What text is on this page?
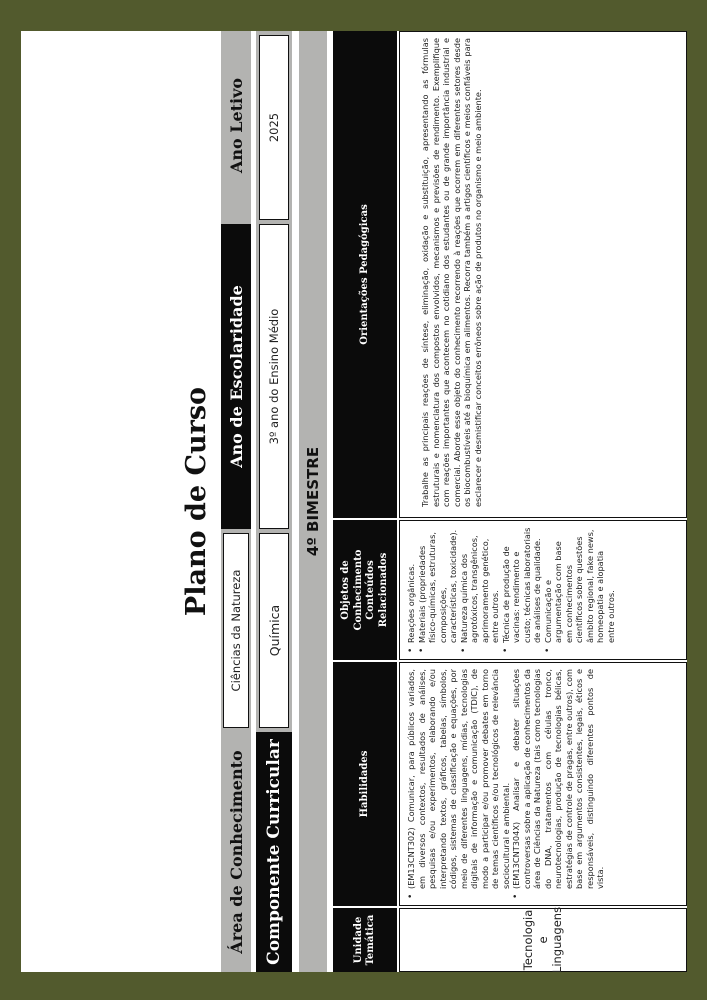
Plano de Curso
Área de Conhecimento
Ciências da Natureza
Ano de Escolaridade
Ano Letivo
Componente Curricular
Química
3º ano do Ensino Médio
2025
4º BIMESTRE
Unidade Temática
Habilidades
Objetos de Conhecimento Conteúdos Relacionados
Orientações Pedagógicas
Tecnologia e Linguagens
• (EM13CNT302) Comunicar, para públicos variados, em diversos contextos, resultados de análises, pesquisas e/ou experimentos, elaborando e/ou interpretando textos, gráficos, tabelas, símbolos, códigos, sistemas de classificação e equações, por meio de diferentes linguagens, mídias, tecnologias digitais de informação e comunicação (TDIC), de modo a participar e/ou promover debates em torno de temas científicos e/ou tecnológicos de relevância sociocultural e ambiental. • (EM13CNT304X) Analisar e debater situações controversas sobre a aplicação de conhecimentos da área de Ciências da Natureza (tais como tecnologias do DNA, tratamentos com células tronco, neurotecnologias, produção de tecnologias bélicas, estratégias de controle de pragas, entre outros), com base em argumentos consistentes, legais, éticos e responsáveis, distinguindo diferentes pontos de vista.
• Reações orgânicas. • Materiais (propriedades físico-químicas, estruturas, composições, características, toxicidade). • Natureza química dos agrotóxicos, transgênicos, aprimoramento genético, entre outros. • Técnica de produção de vacinas: rendimento e custo; técnicas laboratoriais de análises de qualidade. • Comunicação e argumentação com base em conhecimentos científicos sobre questões âmbito regional, fake news, homeopatia e alopatia entre outros.

Trabalhe as principais reações de síntese, eliminação, oxidação e substituição, apresentando as fórmulas estruturais e nomenclatura dos compostos envolvidos, mecanismos e previsões de rendimento. Exemplifique com reações importantes que acontecem no cotidiano dos estudantes ou de grande importância industrial e comercial. Aborde esse objeto do conhecimento recorrendo à reações que ocorrem em diferentes setores desde os biocombustíveis até a bioquímica em alimentos. Recorra também a artigos científicos e meios confiáveis para esclarecer e desmistificar conceitos errôneos sobre ação de produtos no organismo e meio ambiente.
